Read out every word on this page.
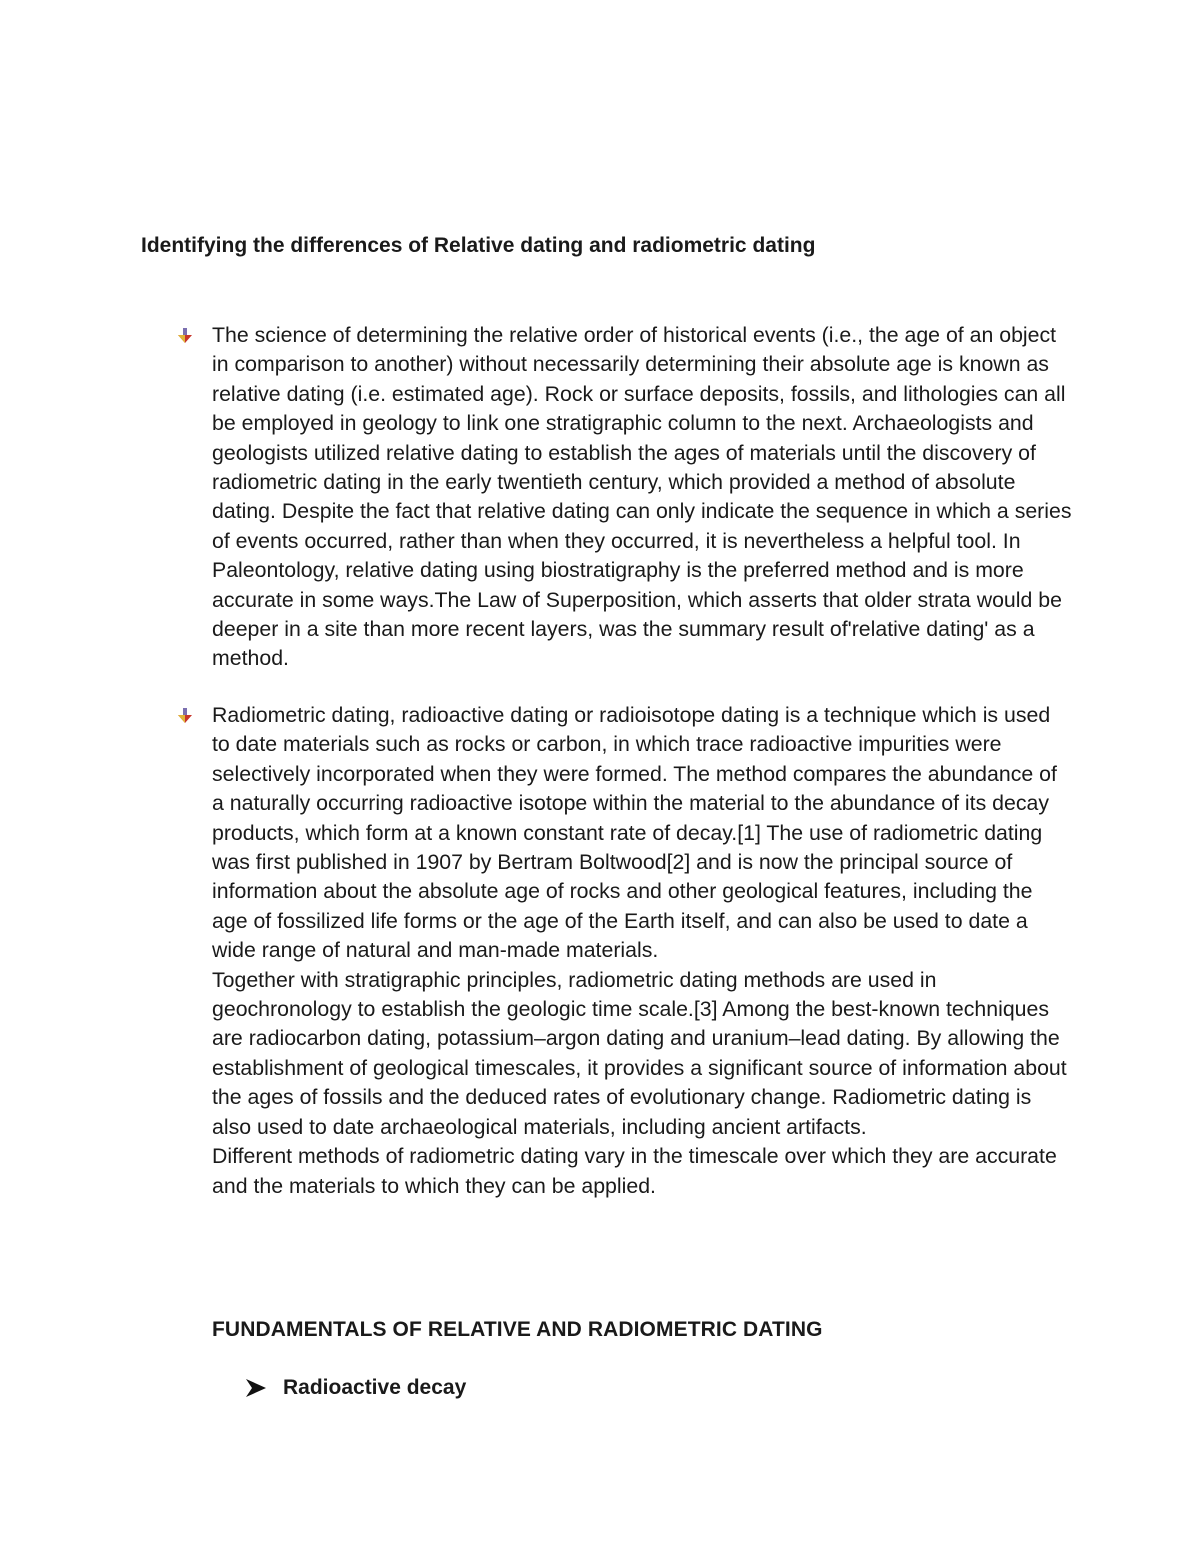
Identifying the differences of Relative dating and radiometric dating

The science of determining the relative order of historical events (i.e., the age of an object in comparison to another) without necessarily determining their absolute age is known as relative dating (i.e. estimated age). Rock or surface deposits, fossils, and lithologies can all be employed in geology to link one stratigraphic column to the next. Archaeologists and geologists utilized relative dating to establish the ages of materials until the discovery of radiometric dating in the early twentieth century, which provided a method of absolute dating. Despite the fact that relative dating can only indicate the sequence in which a series of events occurred, rather than when they occurred, it is nevertheless a helpful tool. In Paleontology, relative dating using biostratigraphy is the preferred method and is more accurate in some ways.The Law of Superposition, which asserts that older strata would be deeper in a site than more recent layers, was the summary result of'relative dating' as a method.

Radiometric dating, radioactive dating or radioisotope dating is a technique which is used to date materials such as rocks or carbon, in which trace radioactive impurities were selectively incorporated when they were formed. The method compares the abundance of a naturally occurring radioactive isotope within the material to the abundance of its decay products, which form at a known constant rate of decay.[1] The use of radiometric dating was first published in 1907 by Bertram Boltwood[2] and is now the principal source of information about the absolute age of rocks and other geological features, including the age of fossilized life forms or the age of the Earth itself, and can also be used to date a wide range of natural and man-made materials.

Together with stratigraphic principles, radiometric dating methods are used in geochronology to establish the geologic time scale.[3] Among the best-known techniques are radiocarbon dating, potassium–argon dating and uranium–lead dating. By allowing the establishment of geological timescales, it provides a significant source of information about the ages of fossils and the deduced rates of evolutionary change. Radiometric dating is also used to date archaeological materials, including ancient artifacts.

Different methods of radiometric dating vary in the timescale over which they are accurate and the materials to which they can be applied.

FUNDAMENTALS OF RELATIVE AND RADIOMETRIC DATING
Radioactive decay
